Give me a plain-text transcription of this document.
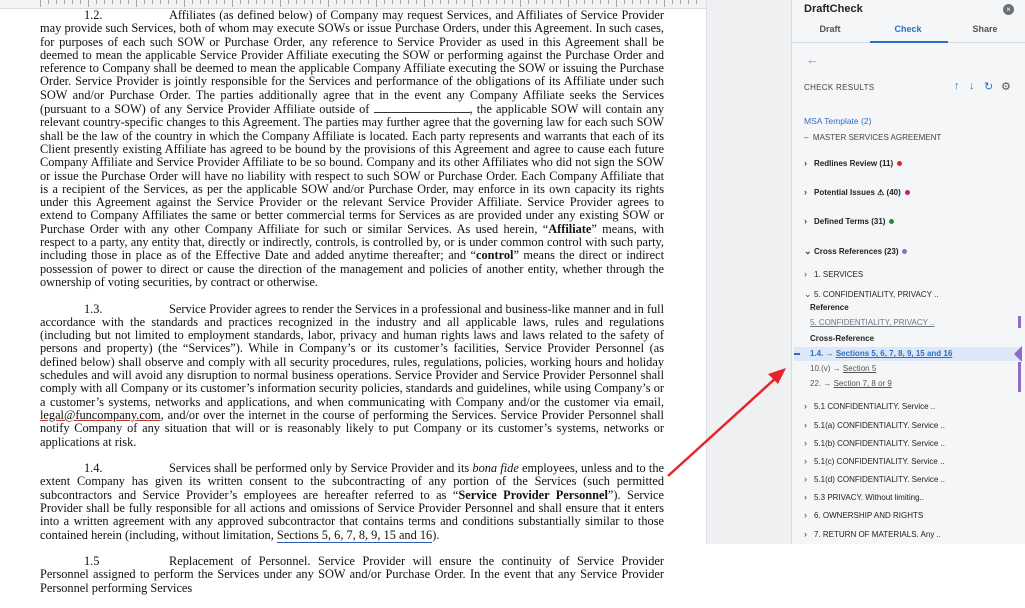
1.2.	Affiliates (as defined below) of Company may request Services, and Affiliates of Service Provider may provide such Services, both of whom may execute SOWs or issue Purchase Orders, under this Agreement. In such cases, for purposes of each such SOW or Purchase Order, any reference to Service Provider as used in this Agreement shall be deemed to mean the applicable Service Provider Affiliate executing the SOW or performing against the Purchase Order and reference to Company shall be deemed to mean the applicable Company Affiliate executing the SOW or issuing the Purchase Order. Service Provider is jointly responsible for the Services and performance of the obligations of its Affiliate under such SOW and/or Purchase Order. The parties additionally agree that in the event any Company Affiliate seeks the Services (pursuant to a SOW) of any Service Provider Affiliate outside of	, the applicable SOW will contain any relevant country-specific changes to this Agreement. The parties may further agree that the governing law for each such SOW shall be the law of the country in which the Company Affiliate is located. Each party represents and warrants that each of its Client presently existing Affiliate has agreed to be bound by the provisions of this Agreement and agree to cause each future Company Affiliate and Service Provider Affiliate to be so bound. Company and its other Affiliates who did not sign the SOW or issue the Purchase Order will have no liability with respect to such SOW or Purchase Order. Each Company Affiliate that is a recipient of the Services, as per the applicable SOW and/or Purchase Order, may enforce in its own capacity its rights under this Agreement against the Service Provider or the relevant Service Provider Affiliate. Service Provider agrees to extend to Company Affiliates the same or better commercial terms for Services as are provided under any existing SOW or Purchase Order with any other Company Affiliate for such or similar Services. As used herein, “Affiliate” means, with respect to a party, any entity that, directly or indirectly, controls, is controlled by, or is under common control with such party, including those in place as of the Effective Date and added anytime thereafter; and “control” means the direct or indirect possession of power to direct or cause the direction of the management and policies of another entity, whether through the ownership of voting securities, by contract or otherwise.

1.3.	Service Provider agrees to render the Services in a professional and business-like manner and in full accordance with the standards and practices recognized in the industry and all applicable laws, rules and regulations (including but not limited to employment standards, labor, privacy and human rights laws and laws related to the safety of persons and property) (the “Services”). While in Company’s or its customer’s facilities, Service Provider Personnel (as defined below) shall observe and comply with all security procedures, rules, regulations, policies, working hours and holiday schedules and will avoid any disruption to normal business operations. Service Provider and Service Provider Personnel shall comply with all Company or its customer’s information security policies, standards and guidelines, while using Company’s or a customer’s systems, networks and applications, and when communicating with Company and/or the customer via email, legal@funcompany.com, and/or over the internet in the course of performing the Services. Service Provider Personnel shall notify Company of any situation that will or is reasonably likely to put Company or its customer’s systems, networks or applications at risk.

1.4.	Services shall be performed only by Service Provider and its bona fide employees, unless and to the extent Company has given its written consent to the subcontracting of any portion of the Services (such permitted subcontractors and Service Provider’s employees are hereafter referred to as “Service Provider Personnel”). Service Provider shall be fully responsible for all actions and omissions of Service Provider Personnel and shall ensure that it enters into a written agreement with any approved subcontractor that contains terms and conditions substantially similar to those contained herein (including, without limitation, Sections 5, 6, 7, 8, 9, 15 and 16).

1.5	Replacement of Personnel. Service Provider will ensure the continuity of Service Provider Personnel assigned to perform the Services under any SOW and/or Purchase Order. In the event that any Service Provider Personnel performing Services

DraftCheck	×
Draft	Check	Share
←
CHECK RESULTS	↑ ↓ ↻ ⚙
MSA Template (2)
– MASTER SERVICES AGREEMENT
› Redlines Review (11)
› Potential Issues ⚠ (40)
› Defined Terms (31)
⌄ Cross References (23)
› 1. SERVICES
⌄ 5. CONFIDENTIALITY, PRIVACY ..
Reference
5. CONFIDENTIALITY, PRIVACY ..
Cross-Reference
1.4. → Sections 5, 6, 7, 8, 9, 15 and 16
10.(v) → Section 5
22. → Section 7, 8 or 9
› 5.1 CONFIDENTIALITY. Service ..
› 5.1(a) CONFIDENTIALITY. Service ..
› 5.1(b) CONFIDENTIALITY. Service ..
› 5.1(c) CONFIDENTIALITY. Service ..
› 5.1(d) CONFIDENTIALITY. Service ..
› 5.3 PRIVACY. Without limiting..
› 6. OWNERSHIP AND RIGHTS
› 7. RETURN OF MATERIALS. Any ..
